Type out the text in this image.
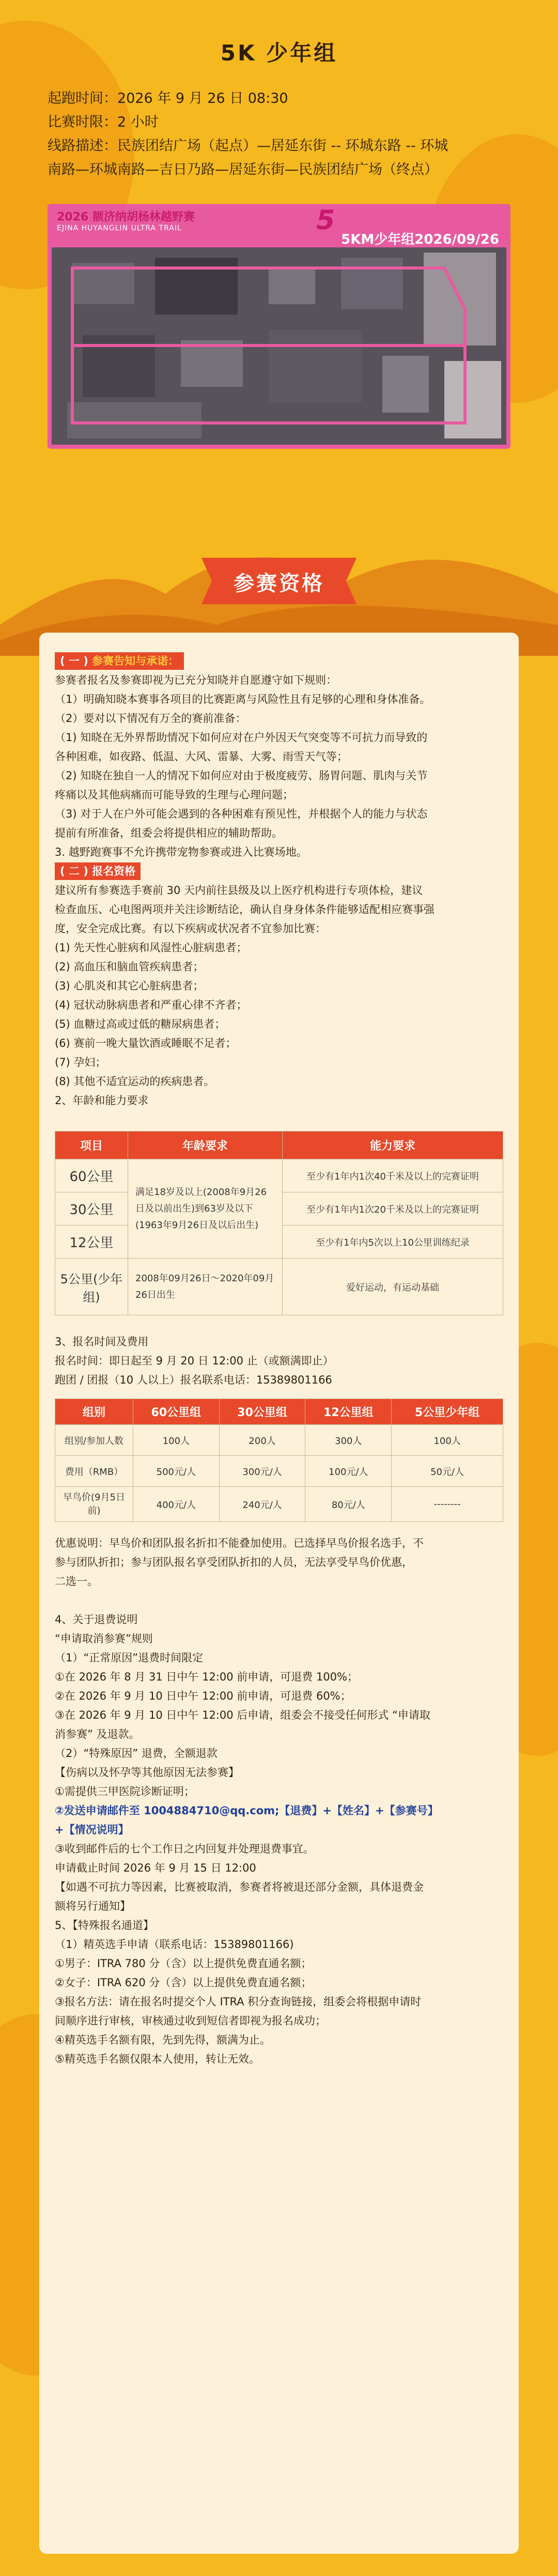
5K 少年组

起跑时间：2026 年 9 月 26 日 08:30

比赛时限：2 小时

线路描述：民族团结广场（起点）—居延东街 -- 环城东路 -- 环城

南路—环城南路—吉日乃路—居延东街—民族团结广场（终点）

2026 额济纳胡杨林越野赛
EJINA HUYANGLIN ULTRA TRAIL	5
5KM少年组2026/09/26
参赛资格

( 一 ) 参赛告知与承诺：

参赛者报名及参赛即视为已充分知晓并自愿遵守如下规则：

（1）明确知晓本赛事各项目的比赛距离与风险性且有足够的心理和身体准备。

（2）要对以下情况有万全的赛前准备：

（1) 知晓在无外界帮助情况下如何应对在户外因天气突变等不可抗力而导致的

各种困难，如夜路、低温、大风、雷暴、大雾、雨雪天气等；

（2) 知晓在独自一人的情况下如何应对由于极度疲劳、肠胃问题、肌肉与关节

疼痛以及其他病痛而可能导致的生理与心理问题；

（3) 对于人在户外可能会遇到的各种困难有预见性，并根据个人的能力与状态

提前有所准备，组委会将提供相应的辅助帮助。

3. 越野跑赛事不允许携带宠物参赛或进入比赛场地。

( 二 ) 报名资格

建议所有参赛选手赛前 30 天内前往县级及以上医疗机构进行专项体检，建议

检查血压、心电图两项并关注诊断结论，确认自身身体条件能够适配相应赛事强

度，安全完成比赛。有以下疾病或状况者不宜参加比赛：

(1) 先天性心脏病和风湿性心脏病患者；

(2) 高血压和脑血管疾病患者；

(3) 心肌炎和其它心脏病患者；

(4) 冠状动脉病患者和严重心律不齐者；

(5) 血糖过高或过低的糖尿病患者；

(6) 赛前一晚大量饮酒或睡眠不足者；

(7) 孕妇；

(8) 其他不适宜运动的疾病患者。

2、年龄和能力要求

项目	年龄要求	能力要求
60公里	满足18岁及以上(2008年9月26日及以前出生)到63岁及以下(1963年9月26日及以后出生)	至少有1年内1次40千米及以上的完赛证明
30公里		至少有1年内1次20千米及以上的完赛证明
12公里		至少有1年内5次以上10公里训练纪录
5公里(少年组)	2008年09月26日～2020年09月26日出生	爱好运动，有运动基础

3、报名时间及费用

报名时间：即日起至 9 月 20 日 12:00 止（或额满即止）

跑团 / 团报（10 人以上）报名联系电话：15389801166

组别	60公里组	30公里组	12公里组	5公里少年组
组别/参加人数	100人	200人	300人	100人
费用（RMB）	500元/人	300元/人	100元/人	50元/人
早鸟价(9月5日前)	400元/人	240元/人	80元/人	--------

优惠说明：早鸟价和团队报名折扣不能叠加使用。已选择早鸟价报名选手，不

参与团队折扣；参与团队报名享受团队折扣的人员，无法享受早鸟价优惠，

二选一。

4、关于退费说明

“申请取消参赛”规则

（1）“正常原因”退费时间限定

①在 2026 年 8 月 31 日中午 12:00 前申请，可退费 100%；

②在 2026 年 9 月 10 日中午 12:00 前申请，可退费 60%；

③在 2026 年 9 月 10 日中午 12:00 后申请，组委会不接受任何形式 “申请取

消参赛” 及退款。

（2）“特殊原因” 退费，全额退款

【伤病以及怀孕等其他原因无法参赛】

①需提供三甲医院诊断证明；

②发送申请邮件至 1004884710@qq.com;【退费】+【姓名】+【参赛号】

+【情况说明】

③收到邮件后的七个工作日之内回复并处理退费事宜。

申请截止时间 2026 年 9 月 15 日 12:00

【如遇不可抗力等因素，比赛被取消，参赛者将被退还部分金额，具体退费金

额将另行通知】

5、【特殊报名通道】

（1）精英选手申请（联系电话：15389801166)

①男子：ITRA 780 分（含）以上提供免费直通名额；

②女子：ITRA 620 分（含）以上提供免费直通名额；

③报名方法：请在报名时提交个人 ITRA 积分查询链接，组委会将根据申请时

间顺序进行审核，审核通过收到短信者即视为报名成功；

④精英选手名额有限，先到先得，额满为止。

⑤精英选手名额仅限本人使用，转让无效。
